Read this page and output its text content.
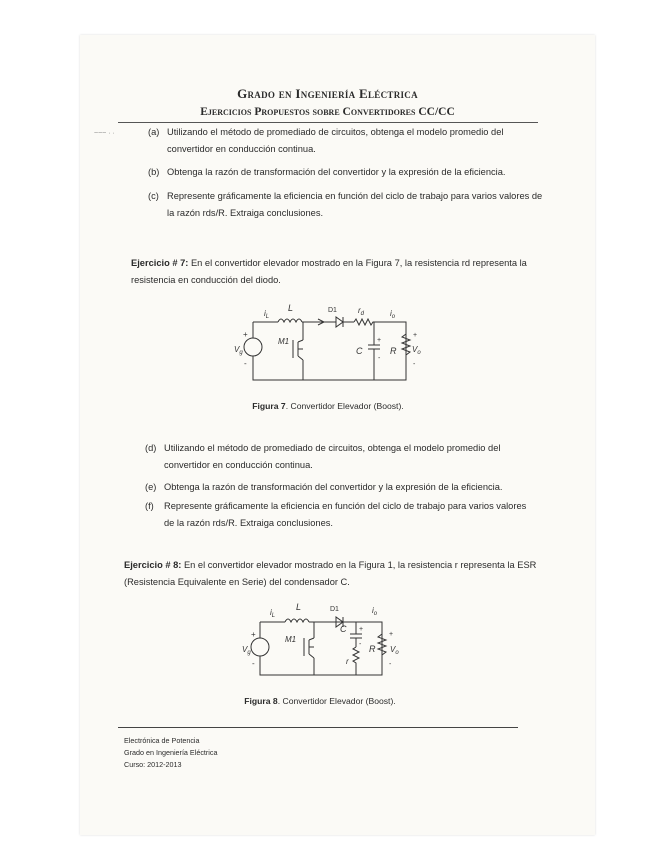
Grado en Ingeniería Eléctrica
Ejercicios Propuestos sobre Convertidores CC/CC
~~~ · ·	(a) Utilizando el método de promediado de circuitos, obtenga el modelo promedio del convertidor en conducción continua.
(b) Obtenga la razón de transformación del convertidor y la expresión de la eficiencia.
(c) Represente gráficamente la eficiencia en función del ciclo de trabajo para varios valores de la razón rds/R. Extraiga conclusiones.
Ejercicio # 7: En el convertidor elevador mostrado en la Figura 7, la resistencia rd representa la resistencia en conducción del diodo.
L	D1	$r_d$
$i_L$	$i_o$
M1
C	R
$V_g$	$V_o$
+
-
+
-
+
-
Figura 7. Convertidor Elevador (Boost).
(d) Utilizando el método de promediado de circuitos, obtenga el modelo promedio del convertidor en conducción continua.
(e) Obtenga la razón de transformación del convertidor y la expresión de la eficiencia.
(f)	Represente gráficamente la eficiencia en función del ciclo de trabajo para varios valores de la razón rds/R. Extraiga conclusiones.
Ejercicio # 8: En el convertidor elevador mostrado en la Figura 1, la resistencia r representa la ESR (Resistencia Equivalente en Serie) del condensador C.
L	D1
$i_L$
$i_o$
M1
C
r
R
$V_g$	$V_o$
+
-
+
-
+
-
Figura 8. Convertidor Elevador (Boost).
Electrónica de Potencia
Grado en Ingeniería Eléctrica
Curso: 2012-2013
